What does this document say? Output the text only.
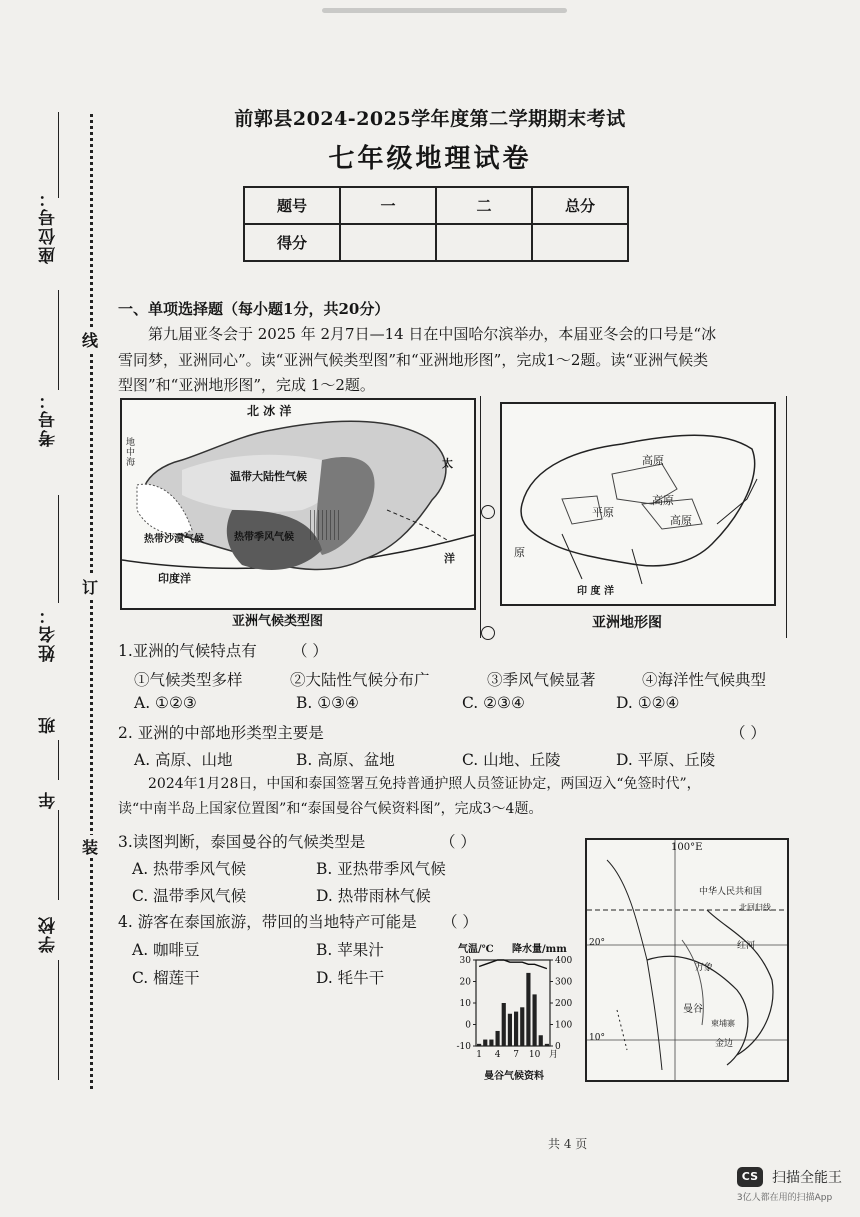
前郭县2024-2025学年度第二学期期末考试
七年级地理试卷
题号	一	二	总分
得分			
座位号：
考号：
姓名：
班
年
学校
线
订
装
一、单项选择题（每小题1分，共20分）
第九届亚冬会于 2025 年 2月7日—14 日在中国哈尔滨举办，本届亚冬会的口号是“冰
雪同梦，亚洲同心”。读“亚洲气候类型图”和“亚洲地形图”，完成1～2题。读“亚洲气候类
型图”和“亚洲地形图”，完成 1～2题。
北 冰 洋
温带大陆性气候
热带沙漠气候	热带季风气候
印度洋
地中海	太
洋
亚洲气候类型图
高原
高原
高原
平原
原
印 度 洋
亚洲地形图
1.亚洲的气候特点有 （ ）
①气候类型多样	②大陆性气候分布广	③季风气候显著	④海洋性气候典型
A. ①②③	B. ①③④	C. ②③④	D. ①②④
2. 亚洲的中部地形类型主要是	（ ）
A. 高原、山地	B. 高原、盆地	C. 山地、丘陵	D. 平原、丘陵
2024年1月28日，中国和泰国签署互免持普通护照人员签证协定，两国迈入“免签时代”，
读“中南半岛上国家位置图”和“泰国曼谷气候资料图”，完成3～4题。
3.读图判断，泰国曼谷的气候类型是	（ ）
A. 热带季风气候	B. 亚热带季风气候
C. 温带季风气候	D. 热带雨林气候
4. 游客在泰国旅游，带回的当地特产可能是 （ ）
A. 咖啡豆	B. 苹果汁
C. 榴莲干	D. 牦牛干
气温/℃ 降水量/mm
-10
0
10
20
30
0
100
200
300
400
1 4 7 10 月
曼谷气候资料
100°E
中华人民共和国
北回归线
20°	红河
万象
曼谷
柬埔寨
金边
10°
共 4 页
CS 扫描全能王
3亿人都在用的扫描App
